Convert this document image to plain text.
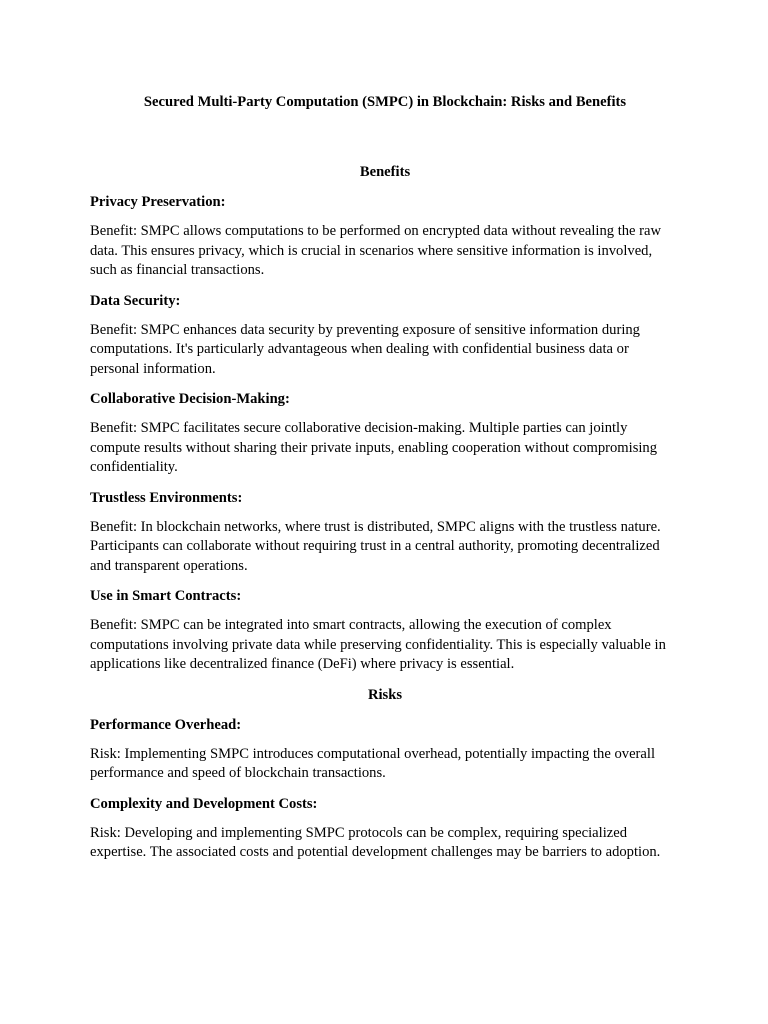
Secured Multi-Party Computation (SMPC) in Blockchain: Risks and Benefits

Benefits

Privacy Preservation:

Benefit: SMPC allows computations to be performed on encrypted data without revealing the raw data. This ensures privacy, which is crucial in scenarios where sensitive information is involved, such as financial transactions.

Data Security:

Benefit: SMPC enhances data security by preventing exposure of sensitive information during computations. It's particularly advantageous when dealing with confidential business data or personal information.

Collaborative Decision-Making:

Benefit: SMPC facilitates secure collaborative decision-making. Multiple parties can jointly compute results without sharing their private inputs, enabling cooperation without compromising confidentiality.

Trustless Environments:

Benefit: In blockchain networks, where trust is distributed, SMPC aligns with the trustless nature. Participants can collaborate without requiring trust in a central authority, promoting decentralized and transparent operations.

Use in Smart Contracts:

Benefit: SMPC can be integrated into smart contracts, allowing the execution of complex computations involving private data while preserving confidentiality. This is especially valuable in applications like decentralized finance (DeFi) where privacy is essential.

Risks

Performance Overhead:

Risk: Implementing SMPC introduces computational overhead, potentially impacting the overall performance and speed of blockchain transactions.

Complexity and Development Costs:

Risk: Developing and implementing SMPC protocols can be complex, requiring specialized expertise. The associated costs and potential development challenges may be barriers to adoption.
